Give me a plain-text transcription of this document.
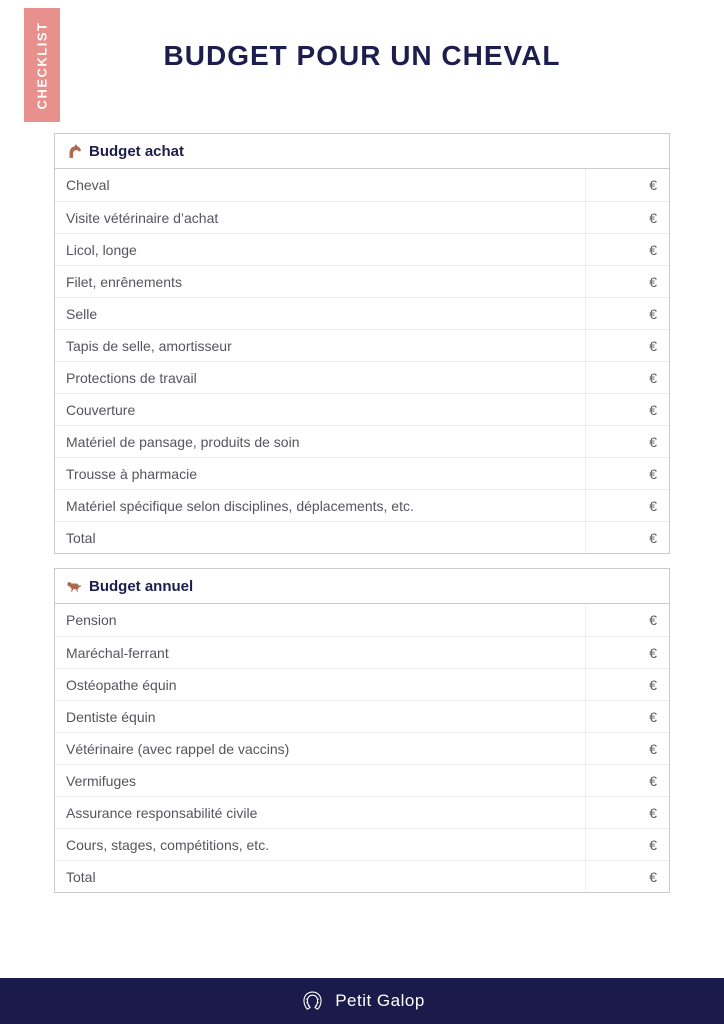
CHECKLIST	BUDGET POUR UN CHEVAL
Budget achat
Cheval	€
Visite vétérinaire d’achat	€
Licol, longe	€
Filet, enrênements	€
Selle	€
Tapis de selle, amortisseur	€
Protections de travail	€
Couverture	€
Matériel de pansage, produits de soin	€
Trousse à pharmacie	€
Matériel spécifique selon disciplines, déplacements, etc.	€
Total	€
Budget annuel
Pension	€
Maréchal-ferrant	€
Ostéopathe équin	€
Dentiste équin	€
Vétérinaire (avec rappel de vaccins)	€
Vermifuges	€
Assurance responsabilité civile	€
Cours, stages, compétitions, etc.	€
Total	€
Petit Galop
